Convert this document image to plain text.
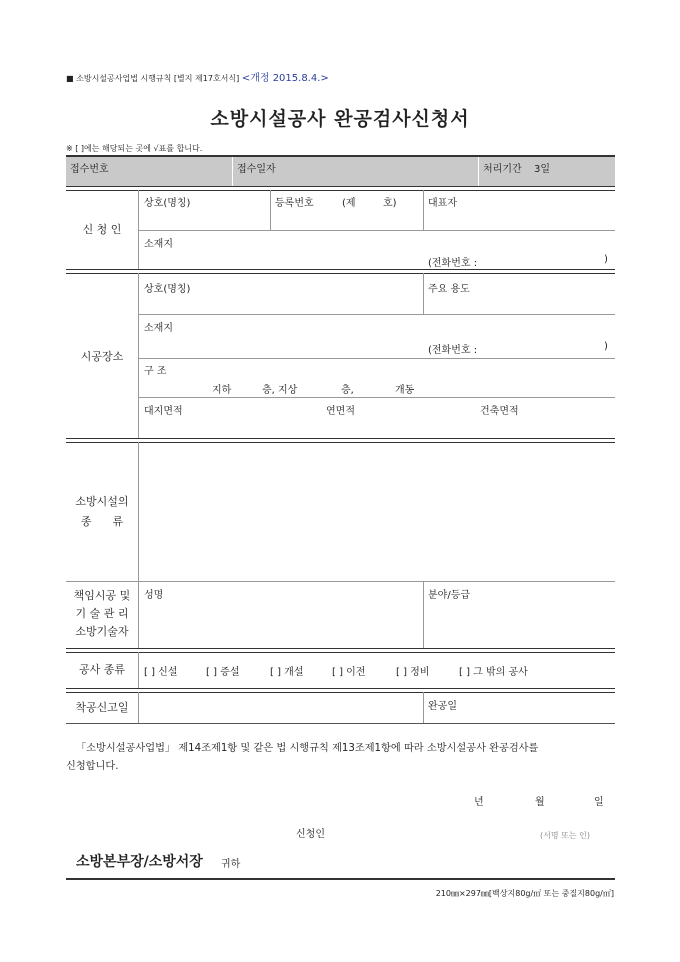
■ 소방시설공사업법 시행규칙 [별지 제17호서식] <개정 2015.8.4.>
소방시설공사 완공검사신청서
※ [ ]에는 해당되는 곳에 √표를 합니다.
접수번호	접수일자	처리기간 3일
신 청 인
상호(명칭)	등록번호	(제	호)	대표자
소재지
(전화번호 :	)
시공장소
상호(명칭)	주요 용도
소재지
(전화번호 :	)
구 조
지하	층, 지상	층,	개동
대지면적	연면적	건축면적
소방시설의
종      류
책임시공 및
기 술 관 리
소방기술자
성명	분야/등급
공사 종류	[ ] 신설	[ ] 증설	[ ] 개설	[ ] 이전	[ ] 정비	[ ] 그 밖의 공사
착공신고일	완공일
「소방시설공사업법」 제14조제1항 및 같은 법 시행규칙 제13조제1항에 따라 소방시설공사 완공검사를
신청합니다.
년	월	일
신청인	(서명 또는 인)
소방본부장/소방서장 귀하
210㎜×297㎜[백상지80g/㎡ 또는 중질지80g/㎡]
